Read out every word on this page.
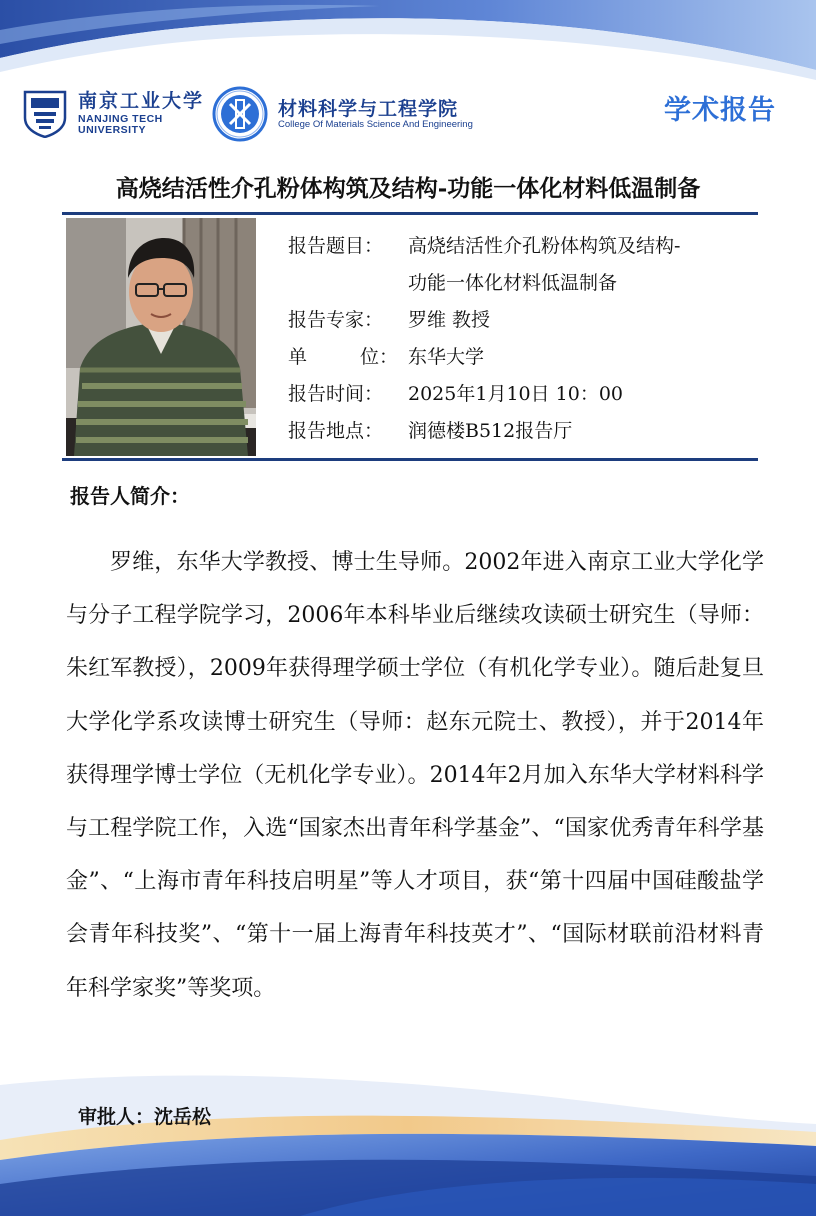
南京工业大学
NANJING TECH
UNIVERSITY
材料科学与工程学院
College Of Materials Science And Engineering	学术报告
高烧结活性介孔粉体构筑及结构-功能一体化材料低温制备
报告题目：	高烧结活性介孔粉体构筑及结构-
功能一体化材料低温制备
报告专家：	罗维 教授
单	位： 东华大学
报告时间：	2025年1月10日 10：00
报告地点：	润德楼B512报告厅
报告人简介：
罗维，东华大学教授、博士生导师。2002年进入南京工业大学化学与分子工程学院学习，2006年本科毕业后继续攻读硕士研究生（导师：朱红军教授），2009年获得理学硕士学位（有机化学专业）。随后赴复旦大学化学系攻读博士研究生（导师：赵东元院士、教授），并于2014年获得理学博士学位（无机化学专业）。2014年2月加入东华大学材料科学与工程学院工作，入选“国家杰出青年科学基金”、“国家优秀青年科学基金”、“上海市青年科技启明星”等人才项目，获“第十四届中国硅酸盐学会青年科技奖”、“第十一届上海青年科技英才”、“国际材联前沿材料青年科学家奖”等奖项。
审批人：沈岳松
